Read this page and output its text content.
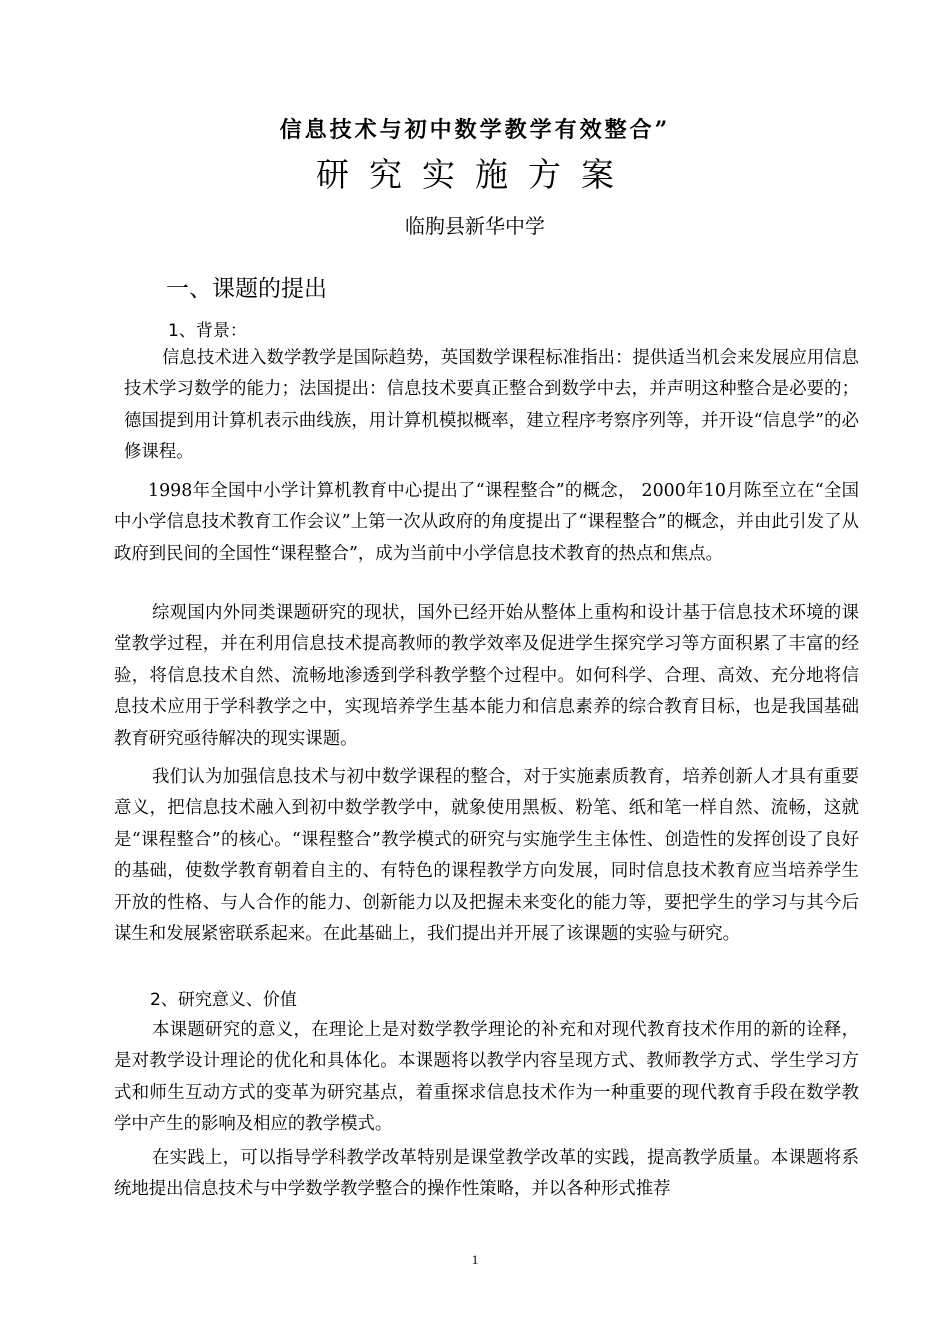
信息技术与初中数学教学有效整合”
研究实施方案
临朐县新华中学
一、课题的提出
1、背景：

信息技术进入数学教学是国际趋势，英国数学课程标准指出：提供适当机会来发展应用信息技术学习数学的能力；法国提出：信息技术要真正整合到数学中去，并声明这种整合是必要的；德国提到用计算机表示曲线族，用计算机模拟概率，建立程序考察序列等，并开设“信息学”的必修课程。

1998年全国中小学计算机教育中心提出了“课程整合”的概念， 2000年10月陈至立在“全国中小学信息技术教育工作会议”上第一次从政府的角度提出了“课程整合”的概念，并由此引发了从政府到民间的全国性“课程整合”，成为当前中小学信息技术教育的热点和焦点。

综观国内外同类课题研究的现状，国外已经开始从整体上重构和设计基于信息技术环境的课堂教学过程，并在利用信息技术提高教师的教学效率及促进学生探究学习等方面积累了丰富的经验，将信息技术自然、流畅地渗透到学科教学整个过程中。如何科学、合理、高效、充分地将信息技术应用于学科教学之中，实现培养学生基本能力和信息素养的综合教育目标，也是我国基础教育研究亟待解决的现实课题。

我们认为加强信息技术与初中数学课程的整合，对于实施素质教育，培养创新人才具有重要意义，把信息技术融入到初中数学教学中，就象使用黑板、粉笔、纸和笔一样自然、流畅，这就是“课程整合”的核心。“课程整合”教学模式的研究与实施学生主体性、创造性的发挥创设了良好的基础，使数学教育朝着自主的、有特色的课程教学方向发展，同时信息技术教育应当培养学生开放的性格、与人合作的能力、创新能力以及把握未来变化的能力等，要把学生的学习与其今后谋生和发展紧密联系起来。在此基础上，我们提出并开展了该课题的实验与研究。

2、研究意义、价值

本课题研究的意义，在理论上是对数学教学理论的补充和对现代教育技术作用的新的诠释，是对教学设计理论的优化和具体化。本课题将以教学内容呈现方式、教师教学方式、学生学习方式和师生互动方式的变革为研究基点，着重探求信息技术作为一种重要的现代教育手段在数学教学中产生的影响及相应的教学模式。

在实践上，可以指导学科教学改革特别是课堂教学改革的实践，提高教学质量。本课题将系统地提出信息技术与中学数学教学整合的操作性策略，并以各种形式推荐

1
